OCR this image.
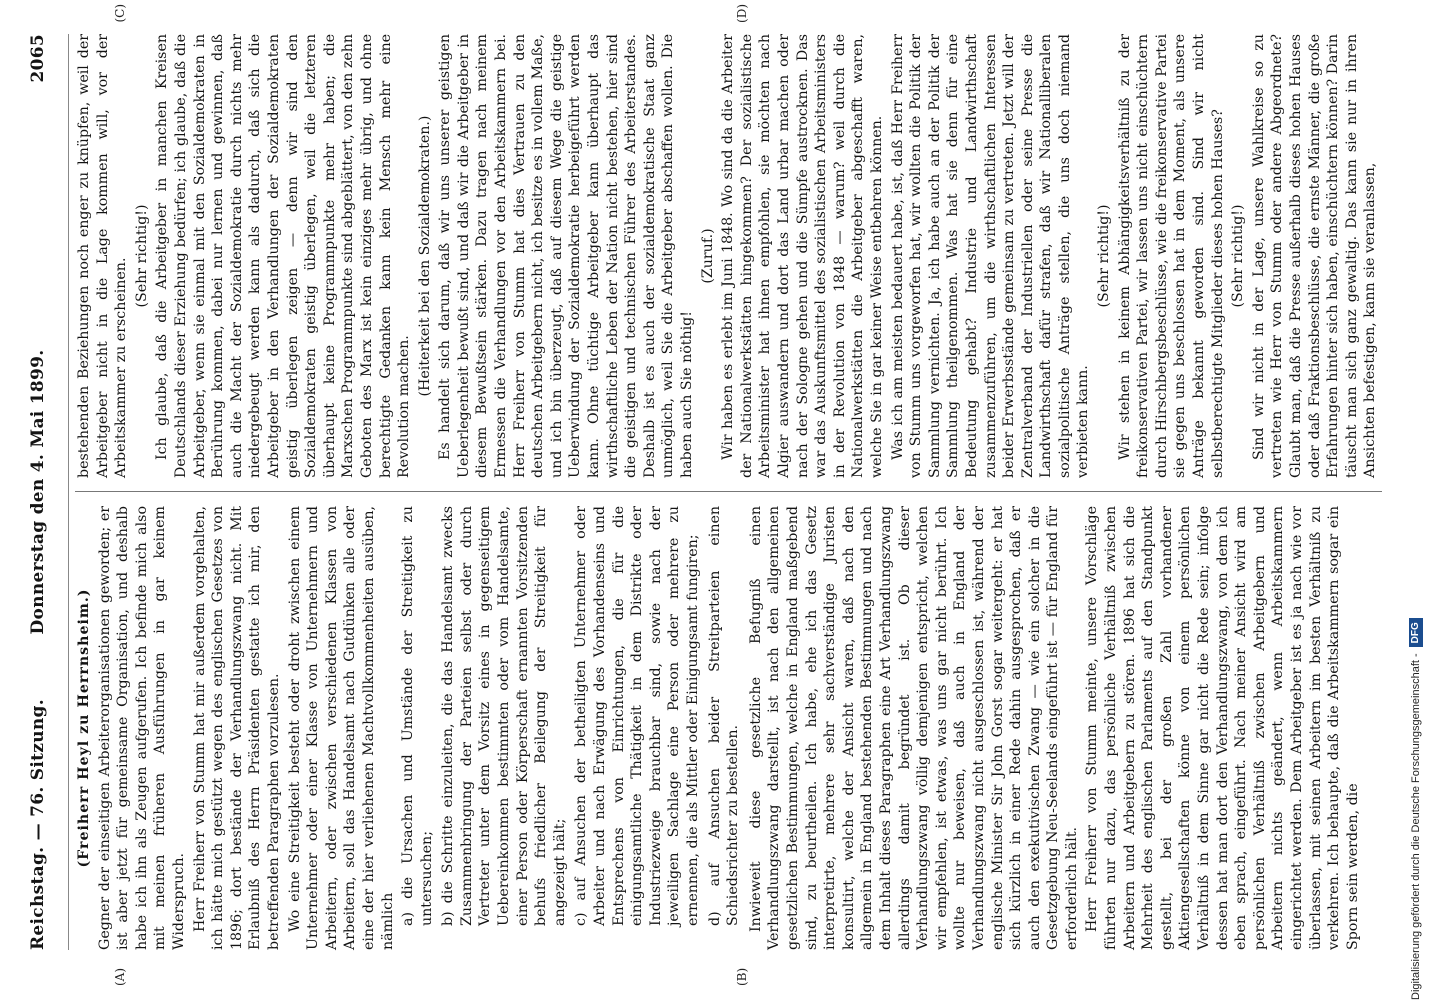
Reichstag. — 76. Sitzung.
Donnerstag den 4. Mai 1899.
2065
(A)	(B)
(C)	(D)

(Freiherr Heyl zu Herrnsheim.) Gegner der einseitigen Arbeiterorganisationen geworden; er ist aber jetzt für gemeinsame Organisation, und deshalb habe ich ihn als Zeugen aufgerufen. Ich befinde mich also mit meinen früheren Ausführungen in gar keinem Widerspruch. Herr Freiherr von Stumm hat mir außerdem vorgehalten, ich hätte mich gestützt wegen des englischen Gesetzes von 1896; dort bestände der Verhandlungszwang nicht. Mit Erlaubniß des Herrn Präsidenten gestatte ich mir, den betreffenden Paragraphen vorzulesen. Wo eine Streitigkeit besteht oder droht zwischen einem Unternehmer oder einer Klasse von Unternehmern und Arbeitern, oder zwischen verschiedenen Klassen von Arbeitern, soll das Handelsamt nach Gutdünken alle oder eine der hier verliehenen Machtvollkommenheiten ausüben, nämlich a) die Ursachen und Umstände der Streitigkeit zu untersuchen; b) die Schritte einzuleiten, die das Handelsamt zwecks Zusammenbringung der Parteien selbst oder durch Vertreter unter dem Vorsitz eines in gegenseitigem Uebereinkommen bestimmten oder vom Handelsamte, einer Person oder Körperschaft ernannten Vorsitzenden behufs friedlicher Beilegung der Streitigkeit für angezeigt hält; c) auf Ansuchen der betheiligten Unternehmer oder Arbeiter und nach Erwägung des Vorhandenseins und Entsprechens von Einrichtungen, die für die einigungsamtliche Thätigkeit in dem Distrikte oder Industriezweige brauchbar sind, sowie nach der jeweiligen Sachlage eine Person oder mehrere zu ernennen, die als Mittler oder Einigungsamt fungiren; d) auf Ansuchen beider Streitparteien einen Schiedsrichter zu bestellen. Inwieweit diese gesetzliche Befugniß einen Verhandlungszwang darstellt, ist nach den allgemeinen gesetzlichen Bestimmungen, welche in England maßgebend sind, zu beurtheilen. Ich habe, ehe ich das Gesetz interpretirte, mehrere sehr sachverständige Juristen konsultirt, welche der Ansicht waren, daß nach den allgemein in England bestehenden Bestimmungen und nach dem Inhalt dieses Paragraphen eine Art Verhandlungszwang allerdings damit begründet ist. Ob dieser Verhandlungszwang völlig demjenigen entspricht, welchen wir empfehlen, ist etwas, was uns gar nicht berührt. Ich wollte nur beweisen, daß auch in England der Verhandlungszwang nicht ausgeschlossen ist, während der englische Minister Sir John Gorst sogar weitergeht: er hat sich kürzlich in einer Rede dahin ausgesprochen, daß er auch den exekutivischen Zwang — wie ein solcher in die Gesetzgebung Neu-Seelands eingeführt ist — für England für erforderlich hält. Herr Freiherr von Stumm meinte, unsere Vorschläge führten nur dazu, das persönliche Verhältniß zwischen Arbeitern und Arbeitgebern zu stören. 1896 hat sich die Mehrheit des englischen Parlaments auf den Standpunkt gestellt, bei der großen Zahl vorhandener Aktiengesellschaften könne von einem persönlichen Verhältniß in dem Sinne gar nicht die Rede sein; infolge dessen hat man dort den Verhandlungszwang, von dem ich eben sprach, eingeführt. Nach meiner Ansicht wird am persönlichen Verhältniß zwischen Arbeitgebern und Arbeitern nichts geändert, wenn Arbeitskammern eingerichtet werden. Dem Arbeitgeber ist es ja nach wie vor überlassen, mit seinen Arbeitern im besten Verhältniß zu verkehren. Ich behaupte, daß die Arbeitskammern sogar ein Sporn sein werden, die

bestehenden Beziehungen noch enger zu knüpfen, weil der Arbeitgeber nicht in die Lage kommen will, vor der Arbeitskammer zu erscheinen.

(Sehr richtig!) Ich glaube, daß die Arbeitgeber in manchen Kreisen Deutschlands dieser Erziehung bedürfen; ich glaube, daß die Arbeitgeber, wenn sie einmal mit den Sozialdemokraten in Berührung kommen, dabei nur lernen und gewinnen, daß auch die Macht der Sozialdemokratie durch nichts mehr niedergebeugt werden kann als dadurch, daß sich die Arbeitgeber in den Verhandlungen der Sozialdemokraten geistig überlegen zeigen — denn wir sind den Sozialdemokraten geistig überlegen, weil die letzteren überhaupt keine Programmpunkte mehr haben; die Marxschen Programmpunkte sind abgeblättert, von den zehn Geboten des Marx ist kein einziges mehr übrig, und ohne berechtigte Gedanken kann kein Mensch mehr eine Revolution machen.

(Heiterkeit bei den Sozialdemokraten.) Es handelt sich darum, daß wir uns unserer geistigen Ueberlegenheit bewußt sind, und daß wir die Arbeitgeber in diesem Bewußtsein stärken. Dazu tragen nach meinem Ermessen die Verhandlungen vor den Arbeitskammern bei. Herr Freiherr von Stumm hat dies Vertrauen zu den deutschen Arbeitgebern nicht, ich besitze es in vollem Maße, und ich bin überzeugt, daß auf diesem Wege die geistige Ueberwindung der Sozialdemokratie herbeigeführt werden kann. Ohne tüchtige Arbeitgeber kann überhaupt das wirthschaftliche Leben der Nation nicht bestehen, hier sind die geistigen und technischen Führer des Arbeiterstandes. Deshalb ist es auch der sozialdemokratische Staat ganz unmöglich, weil Sie die Arbeitgeber abschaffen wollen. Die haben auch Sie nöthig!

(Zuruf.) Wir haben es erlebt im Juni 1848. Wo sind da die Arbeiter der Nationalwerkstätten hingekommen? Der sozialistische Arbeitsminister hat ihnen empfohlen, sie möchten nach Algier auswandern und dort das Land urbar machen oder nach der Sologne gehen und die Sümpfe austrocknen. Das war das Auskunftsmittel des sozialistischen Arbeitsministers in der Revolution von 1848 — warum? weil durch die Nationalwerkstätten die Arbeitgeber abgeschafft waren, welche Sie in gar keiner Weise entbehren können. Was ich am meisten bedauert habe, ist, daß Herr Freiherr von Stumm uns vorgeworfen hat, wir wollten die Politik der Sammlung vernichten. Ja, ich habe auch an der Politik der Sammlung theilgenommen. Was hat sie denn für eine Bedeutung gehabt? Industrie und Landwirthschaft zusammenzuführen, um die wirthschaftlichen Interessen beider Erwerbsstände gemeinsam zu vertreten. Jetzt will der Zentralverband der Industriellen oder seine Presse die Landwirthschaft dafür strafen, daß wir Nationalliberalen sozialpolitische Anträge stellen, die uns doch niemand verbieten kann.

(Sehr richtig!) Wir stehen in keinem Abhängigkeitsverhältniß zu der freikonservativen Partei, wir lassen uns nicht einschüchtern durch Hirschbergsbeschlüsse, wie die freikonservative Partei sie gegen uns beschlossen hat in dem Moment, als unsere Anträge bekannt geworden sind. Sind wir nicht selbstberechtigte Mitglieder dieses hohen Hauses? (Sehr richtig!) Sind wir nicht in der Lage, unsere Wahlkreise so zu vertreten wie Herr von Stumm oder andere Abgeordnete? Glaubt man, daß die Presse außerhalb dieses hohen Hauses oder daß Fraktionsbeschlüsse, die ernste Männer, die große Erfahrungen hinter sich haben, einschüchtern können? Darin täuscht man sich ganz gewaltig. Das kann sie nur in ihren Ansichten befestigen, kann sie veranlassen,

Digitalisierung gefördert durch die Deutsche Forschungsgemeinschaft -
DFG
